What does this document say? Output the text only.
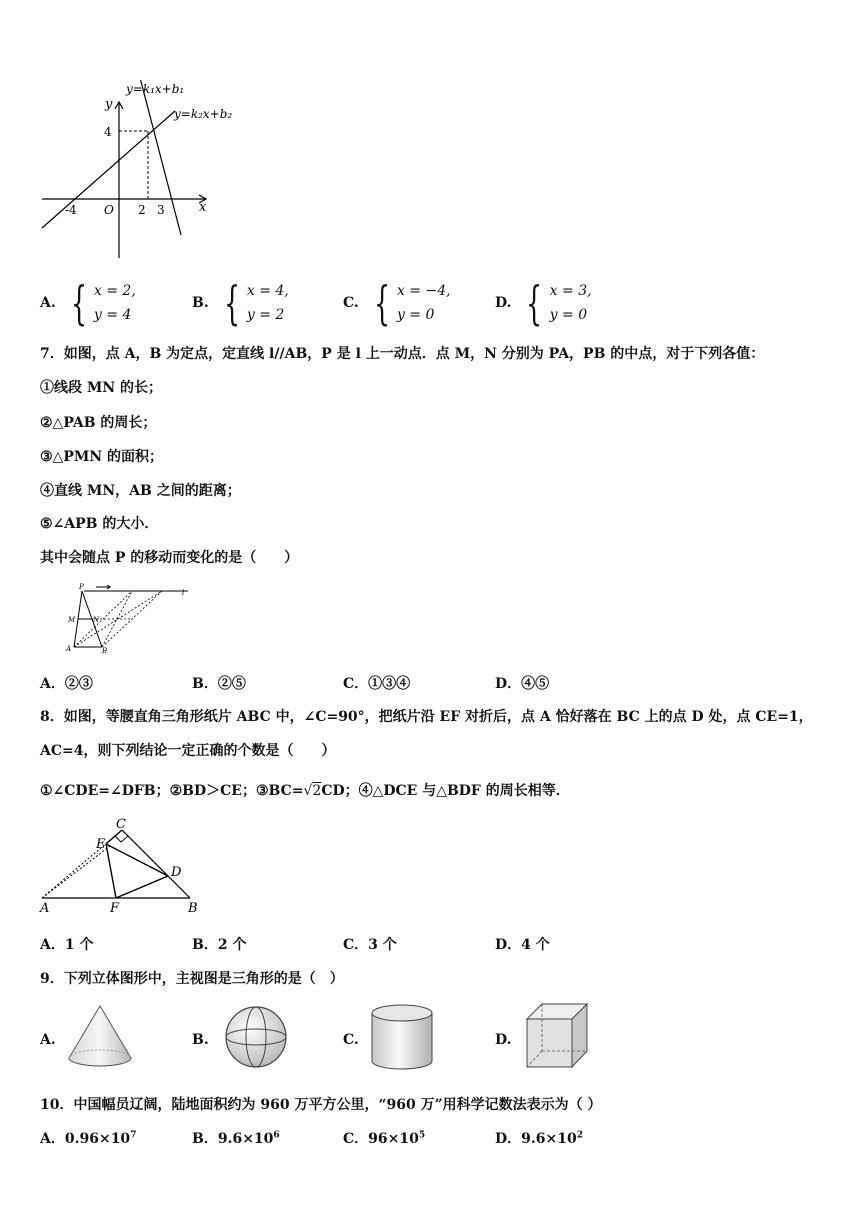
y=k₁x+b₁
y=k₂x+b₂
y
x
4
-4 O 2 3
A. { x = 2,
y = 4
B. { x = 4,
y = 2
C. { x = −4,
y = 0
D. { x = 3,
y = 0
7．如图，点 A，B 为定点，定直线 l//AB，P 是 l 上一动点．点 M，N 分别为 PA，PB 的中点，对于下列各值：
①线段 MN 的长；
②△PAB 的周长；
③△PMN 的面积；
④直线 MN，AB 之间的距离；
⑤∠APB 的大小．
其中会随点 P 的移动而变化的是（　　）
P
l
M	N
A	B
A．②③	B．②⑤	C．①③④	D．④⑤
8．如图，等腰直角三角形纸片 ABC 中，∠C=90°，把纸片沿 EF 对折后，点 A 恰好落在 BC 上的点 D 处，点 CE=1，
AC=4，则下列结论一定正确的个数是（　　）
①∠CDE=∠DFB；②BD＞CE；③BC=√2CD；④△DCE 与△BDF 的周长相等．
C
E
D
A	F	B
A．1 个	B．2 个	C．3 个	D．4 个
9．下列立体图形中，主视图是三角形的是（　）
A.	B.	C.	D.
10．中国幅员辽阔，陆地面积约为 960 万平方公里，“960 万”用科学记数法表示为（ ）
A．$0.96\times 10^7$	B．$9.6\times 10^6$	C．$96\times 10^5$	D．$9.6\times 10^2$
